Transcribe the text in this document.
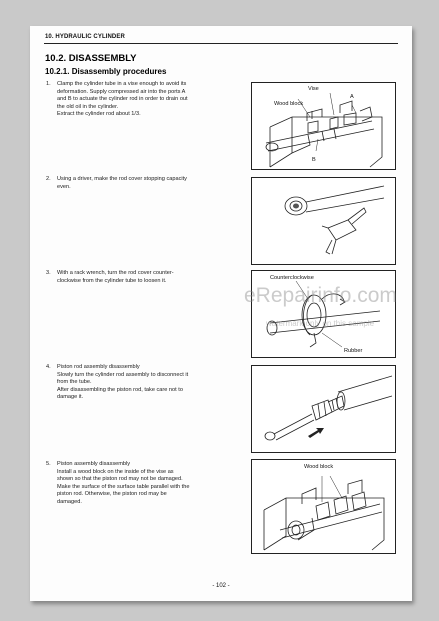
10. HYDRAULIC CYLINDER
10.2. DISASSEMBLY
10.2.1. Disassembly procedures
1. Clamp the cylinder tube in a vise enough to avoid its
deformation. Supply compressed air into the ports A
and B to actuate the cylinder rod in order to drain out
the old oil in the cylinder.
Extract the cylinder rod about 1/3.
2. Using a driver, make the rod cover stopping capacity
even.
3. With a rack wrench, turn the rod cover counter-
clockwise from the cylinder tube to loosen it.
4. Piston rod assembly disassembly
Slowly turn the cylinder rod assembly to disconnect it
from the tube.
After disassembling the piston rod, take care not to
damage it.
5. Piston assembly disassembly
Install a wood block on the inside of the vise as
shown so that the piston rod may not be damaged.
Make the surface of the surface table parallel with the
piston rod. Otherwise, the piston rod may be
damaged.
Vise
Wood block
A
B
Counterclockwise
Rubber
Wood block
eRepairinfo.com
watermark only on this sample
- 102 -
